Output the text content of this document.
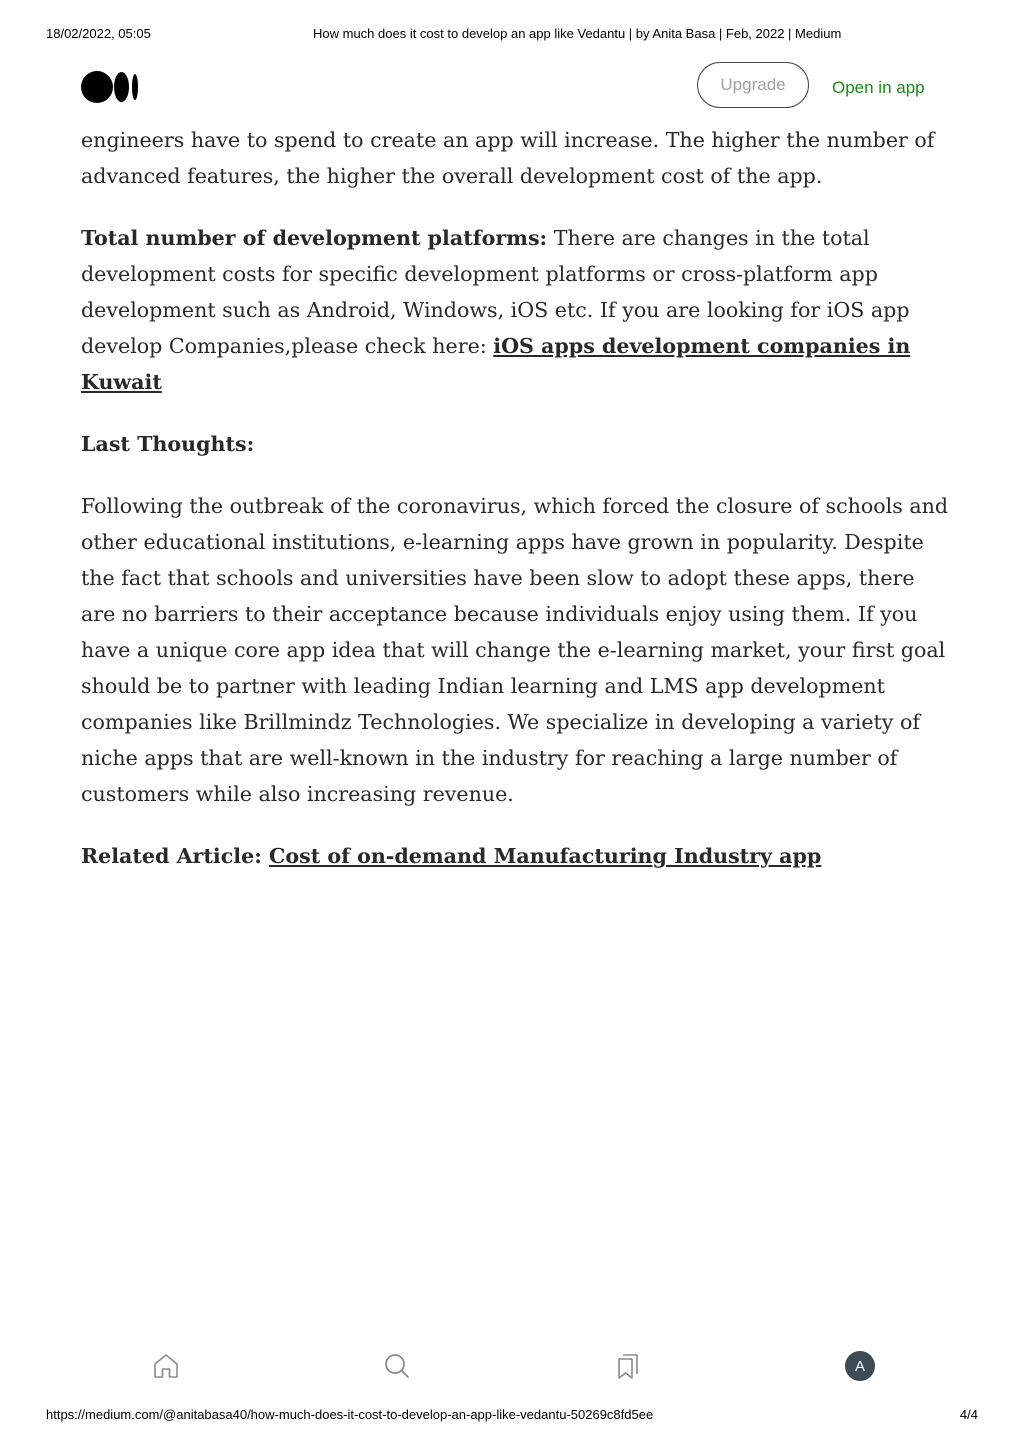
18/02/2022, 05:05	How much does it cost to develop an app like Vedantu | by Anita Basa | Feb, 2022 | Medium
Upgrade	Open in app

engineers have to spend to create an app will increase. The higher the number of advanced features, the higher the overall development cost of the app.

Total number of development platforms: There are changes in the total development costs for specific development platforms or cross-platform app development such as Android, Windows, iOS etc. If you are looking for iOS app develop Companies,please check here: iOS apps development companies in Kuwait

Last Thoughts:

Following the outbreak of the coronavirus, which forced the closure of schools and other educational institutions, e-learning apps have grown in popularity. Despite the fact that schools and universities have been slow to adopt these apps, there are no barriers to their acceptance because individuals enjoy using them. If you have a unique core app idea that will change the e-learning market, your first goal should be to partner with leading Indian learning and LMS app development companies like Brillmindz Technologies. We specialize in developing a variety of niche apps that are well-known in the industry for reaching a large number of customers while also increasing revenue.

Related Article: Cost of on-demand Manufacturing Industry app

A
https://medium.com/@anitabasa40/how-much-does-it-cost-to-develop-an-app-like-vedantu-50269c8fd5ee	4/4
